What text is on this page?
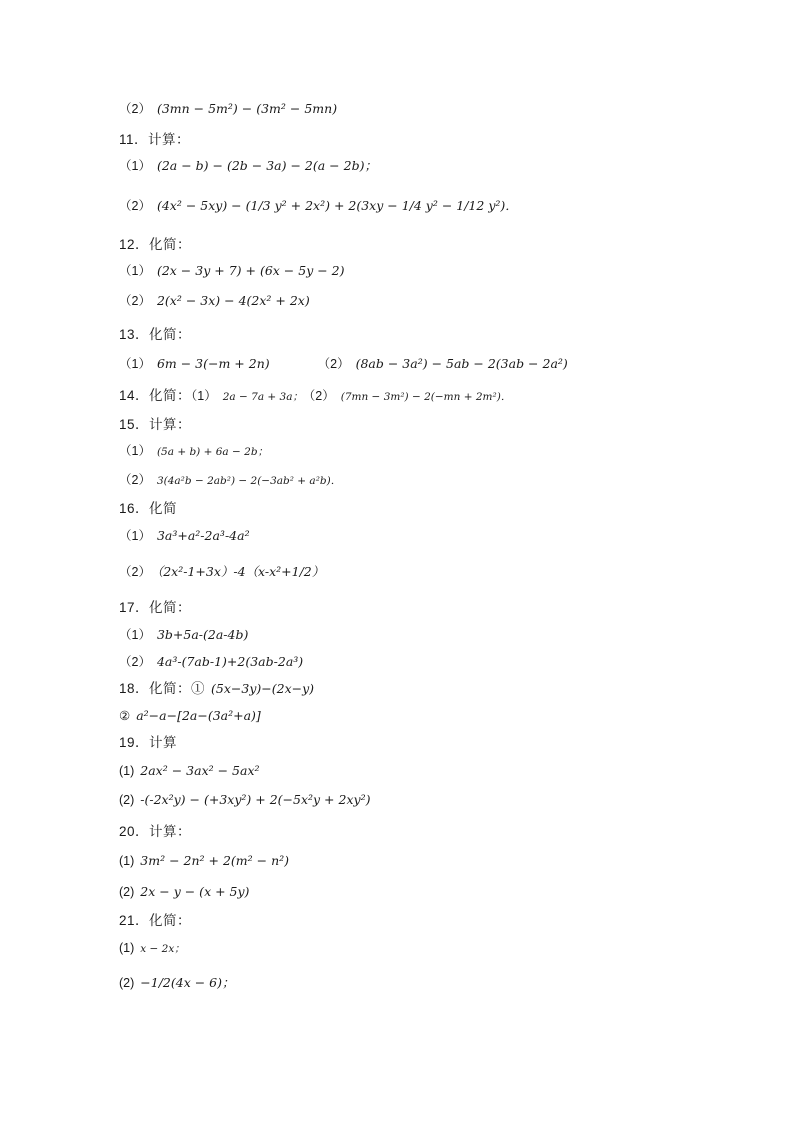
（2） (3mn − 5m²) − (3m² − 5mn)
11．计算：
（1） (2a − b) − (2b − 3a) − 2(a − 2b)；
（2） (4x² − 5xy) − (1/3 y² + 2x²) + 2(3xy − 1/4 y² − 1/12 y²)．
12．化简：
（1） (2x − 3y + 7) + (6x − 5y − 2)
（2） 2(x² − 3x) − 4(2x² + 2x)
13．化简：
（1） 6m − 3(−m + 2n)	（2） (8ab − 3a²) − 5ab − 2(3ab − 2a²)
14．化简：（1） 2a − 7a + 3a； （2） (7mn − 3m²) − 2(−mn + 2m²)．
15．计算：
（1） (5a + b) + 6a − 2b；
（2） 3(4a²b − 2ab²) − 2(−3ab² + a²b)．
16．化简
（1） 3a³+a²-2a³-4a²
（2） （2x²-1+3x）-4（x-x²+1/2）
17．化简：
（1） 3b+5a-(2a-4b)
（2） 4a³-(7ab-1)+2(3ab-2a³)
18．化简：① (5x−3y)−(2x−y)
② a²−a−[2a−(3a²+a)]
19．计算
(1) 2ax² − 3ax² − 5ax²
(2) -(-2x²y) − (+3xy²) + 2(−5x²y + 2xy²)
20．计算：
(1) 3m² − 2n² + 2(m² − n²)
(2) 2x − y − (x + 5y)
21．化简：
(1) x − 2x；
(2) −1/2(4x − 6)；
